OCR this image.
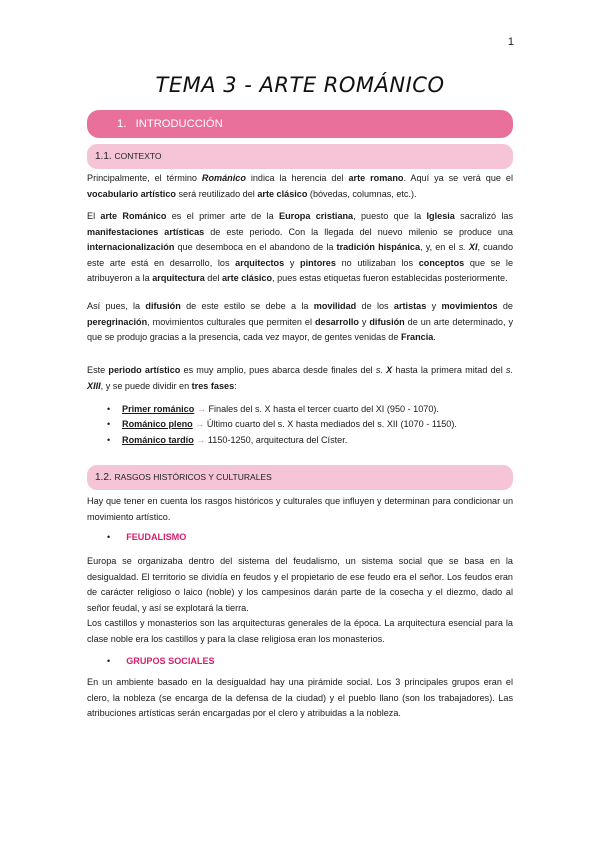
1
TEMA 3 - ARTE ROMÁNICO
1. INTRODUCCIÓN
1.1. CONTEXTO

Principalmente, el término Románico indica la herencia del arte romano. Aquí ya se verá que el vocabulario artístico será reutilizado del arte clásico (bóvedas, columnas, etc.).

El arte Románico es el primer arte de la Europa cristiana, puesto que la Iglesia sacralizó las manifestaciones artísticas de este periodo. Con la llegada del nuevo milenio se produce una internacionalización que desemboca en el abandono de la tradición hispánica, y, en el s. XI, cuando este arte está en desarrollo, los arquitectos y pintores no utilizaban los conceptos que se le atribuyeron a la arquitectura del arte clásico, pues estas etiquetas fueron establecidas posteriormente.

Así pues, la difusión de este estilo se debe a la movilidad de los artistas y movimientos de peregrinación, movimientos culturales que permiten el desarrollo y difusión de un arte determinado, y que se produjo gracias a la presencia, cada vez mayor, de gentes venidas de Francia.

Este periodo artístico es muy amplio, pues abarca desde finales del s. X hasta la primera mitad del s. XIII, y se puede dividir en tres fases:

• Primer románico → Finales del s. X hasta el tercer cuarto del XI (950 - 1070).
• Románico pleno → Último cuarto del s. X hasta mediados del s. XII (1070 - 1150).
• Románico tardío → 1150-1250, arquitectura del Císter.
1.2. RASGOS HISTÓRICOS Y CULTURALES

Hay que tener en cuenta los rasgos históricos y culturales que influyen y determinan para condicionar un movimiento artístico.

• FEUDALISMO

Europa se organizaba dentro del sistema del feudalismo, un sistema social que se basa en la desigualdad. El territorio se dividía en feudos y el propietario de ese feudo era el señor. Los feudos eran de carácter religioso o laico (noble) y los campesinos darán parte de la cosecha y el diezmo, dado al señor feudal, y así se explotará la tierra.

Los castillos y monasterios son las arquitecturas generales de la época. La arquitectura esencial para la clase noble era los castillos y para la clase religiosa eran los monasterios.

• GRUPOS SOCIALES

En un ambiente basado en la desigualdad hay una pirámide social. Los 3 principales grupos eran el clero, la nobleza (se encarga de la defensa de la ciudad) y el pueblo llano (son los trabajadores). Las atribuciones artísticas serán encargadas por el clero y atribuidas a la nobleza.
